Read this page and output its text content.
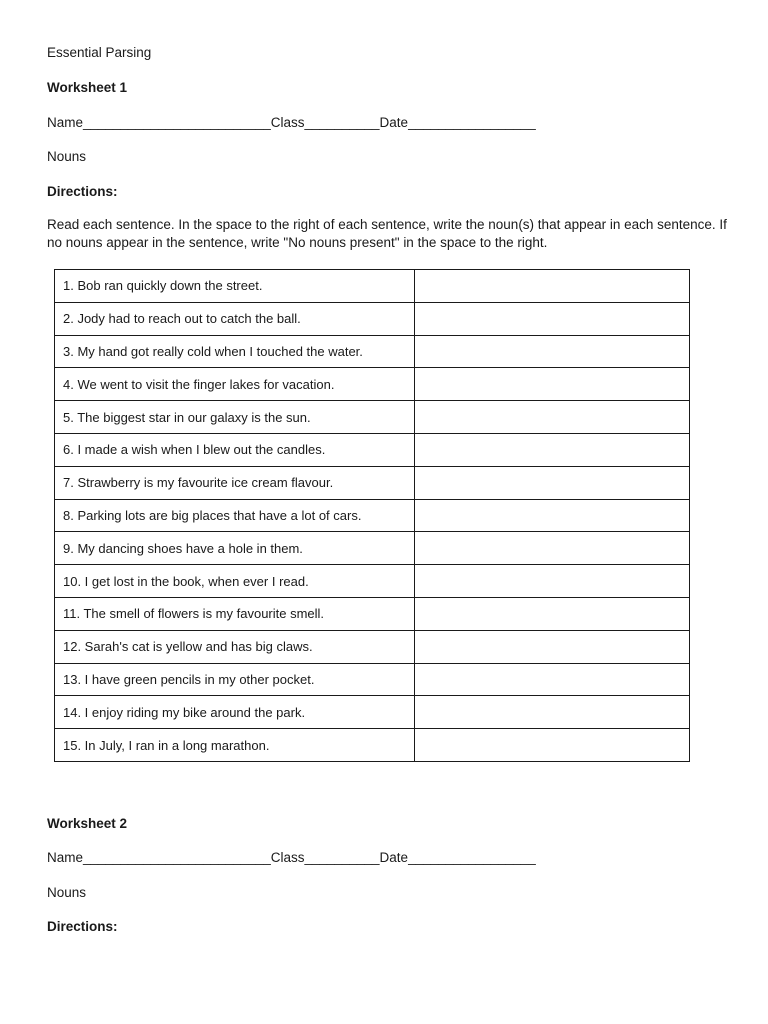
Essential Parsing
Worksheet 1
Name_________________________Class__________Date_________________
Nouns
Directions:
Read each sentence. In the space to the right of each sentence, write the noun(s) that appear in each sentence. If no nouns appear in the sentence, write "No nouns present" in the space to the right.
1. Bob ran quickly down the street.	
2. Jody had to reach out to catch the ball.	
3. My hand got really cold when I touched the water.	
4. We went to visit the finger lakes for vacation.	
5. The biggest star in our galaxy is the sun.	
6. I made a wish when I blew out the candles.	
7. Strawberry is my favourite ice cream flavour.	
8. Parking lots are big places that have a lot of cars.	
9. My dancing shoes have a hole in them.	
10. I get lost in the book, when ever I read.	
11. The smell of flowers is my favourite smell.	
12. Sarah's cat is yellow and has big claws.	
13. I have green pencils in my other pocket.	
14. I enjoy riding my bike around the park.	
15. In July, I ran in a long marathon.	
Worksheet 2
Name_________________________Class__________Date_________________
Nouns
Directions:
